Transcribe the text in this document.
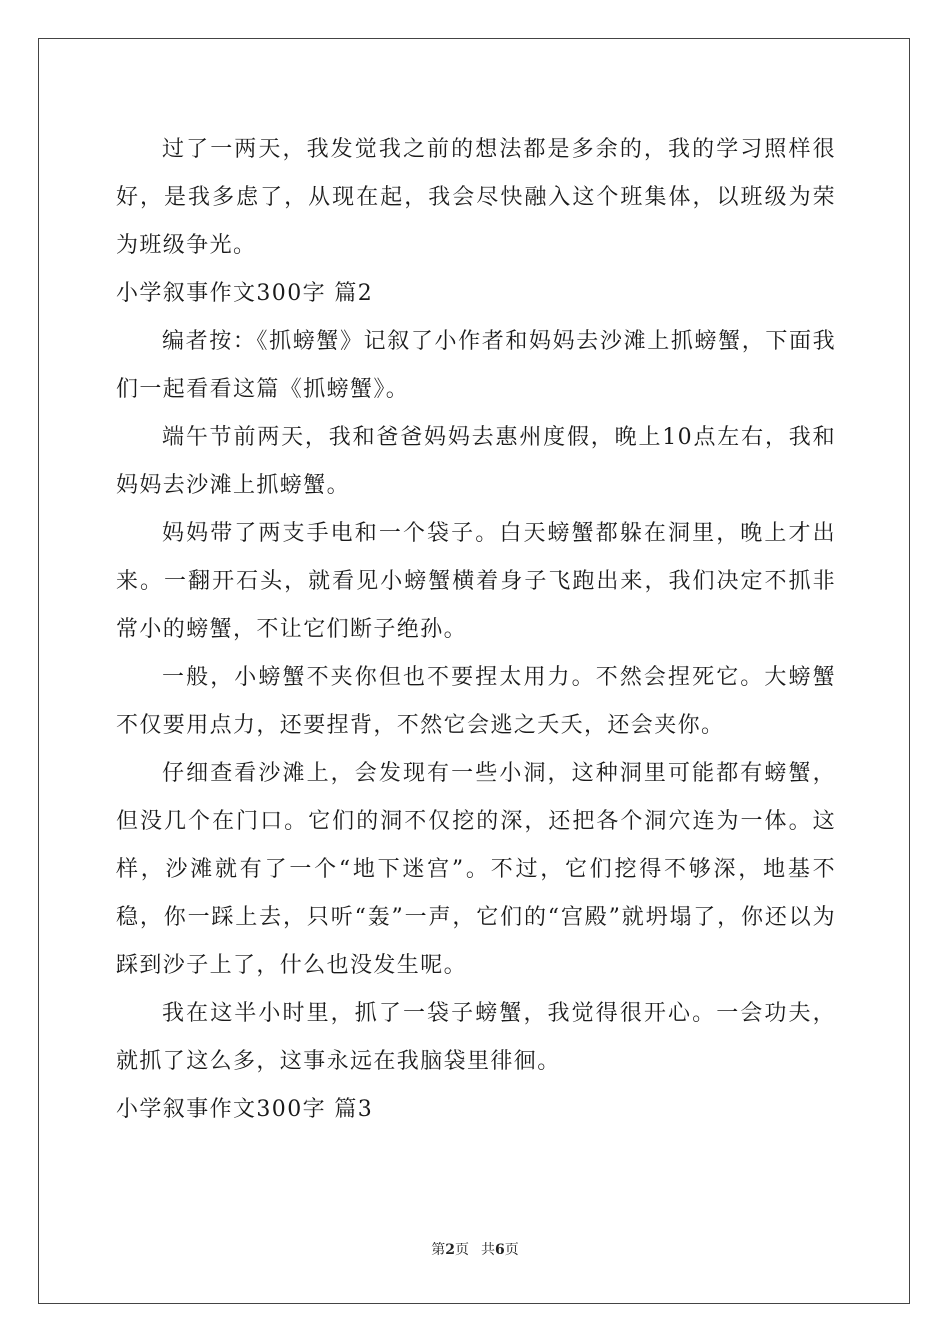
过了一两天，我发觉我之前的想法都是多余的，我的学习照样很好，是我多虑了，从现在起，我会尽快融入这个班集体，以班级为荣为班级争光。

小学叙事作文300字 篇2

编者按：《抓螃蟹》记叙了小作者和妈妈去沙滩上抓螃蟹，下面我们一起看看这篇《抓螃蟹》。

端午节前两天，我和爸爸妈妈去惠州度假，晚上10点左右，我和妈妈去沙滩上抓螃蟹。

妈妈带了两支手电和一个袋子。白天螃蟹都躲在洞里，晚上才出来。一翻开石头，就看见小螃蟹横着身子飞跑出来，我们决定不抓非常小的螃蟹，不让它们断子绝孙。

一般，小螃蟹不夹你但也不要捏太用力。不然会捏死它。大螃蟹不仅要用点力，还要捏背，不然它会逃之夭夭，还会夹你。

仔细查看沙滩上，会发现有一些小洞，这种洞里可能都有螃蟹，但没几个在门口。它们的洞不仅挖的深，还把各个洞穴连为一体。这样，沙滩就有了一个“地下迷宫”。不过，它们挖得不够深，地基不稳，你一踩上去，只听“轰”一声，它们的“宫殿”就坍塌了，你还以为踩到沙子上了，什么也没发生呢。

我在这半小时里，抓了一袋子螃蟹，我觉得很开心。一会功夫，就抓了这么多，这事永远在我脑袋里徘徊。

小学叙事作文300字 篇3

第2页 共6页
